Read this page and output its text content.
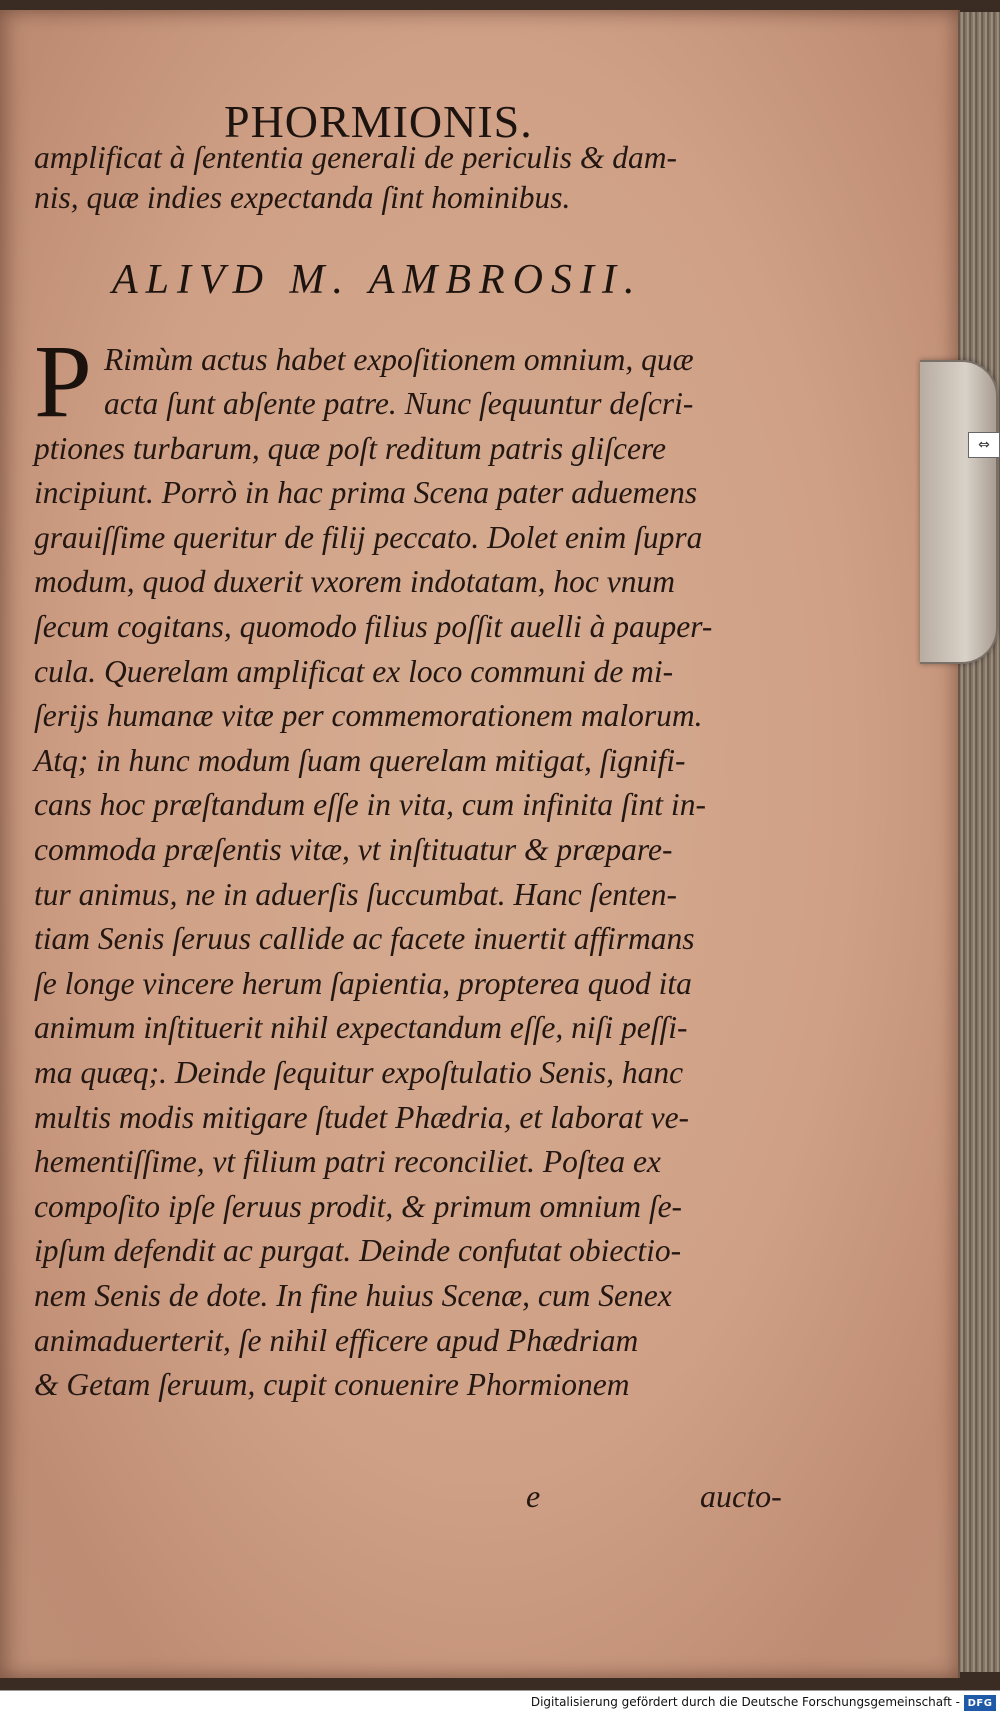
PHORMIONIS.
amplificat à ſententia generali de periculis & dam-
nis, quæ indies expectanda ſint hominibus.
ALIVD M. AMBROSII.
P Rimùm actus habet expoſitionem omnium, quæ
acta ſunt abſente patre. Nunc ſequuntur deſcri-
ptiones turbarum, quæ poſt reditum patris gliſcere
incipiunt. Porrò in hac prima Scena pater aduemens
grauiſſime queritur de filij peccato. Dolet enim ſupra
modum, quod duxerit vxorem indotatam, hoc vnum
ſecum cogitans, quomodo filius poſſit auelli à pauper-
cula. Querelam amplificat ex loco communi de mi-
ſerijs humanæ vitæ per commemorationem malorum.
Atq; in hunc modum ſuam querelam mitigat, ſignifi-
cans hoc præſtandum eſſe in vita, cum infinita ſint in-
commoda præſentis vitæ, vt inſtituatur & præpare-
tur animus, ne in aduerſis ſuccumbat. Hanc ſenten-
tiam Senis ſeruus callide ac facete inuertit affirmans
ſe longe vincere herum ſapientia, propterea quod ita
animum inſtituerit nihil expectandum eſſe, niſi peſſi-
ma quæq;. Deinde ſequitur expoſtulatio Senis, hanc
multis modis mitigare ſtudet Phædria, et laborat ve-
hementiſſime, vt filium patri reconciliet. Poſtea ex
compoſito ipſe ſeruus prodit, & primum omnium ſe-
ipſum defendit ac purgat. Deinde confutat obiectio-
nem Senis de dote. In fine huius Scenæ, cum Senex
animaduerterit, ſe nihil efficere apud Phædriam
& Getam ſeruum, cupit conuenire Phormionem
e	aucto-
⇔
Digitalisierung gefördert durch die Deutsche Forschungsgemeinschaft - DFG
